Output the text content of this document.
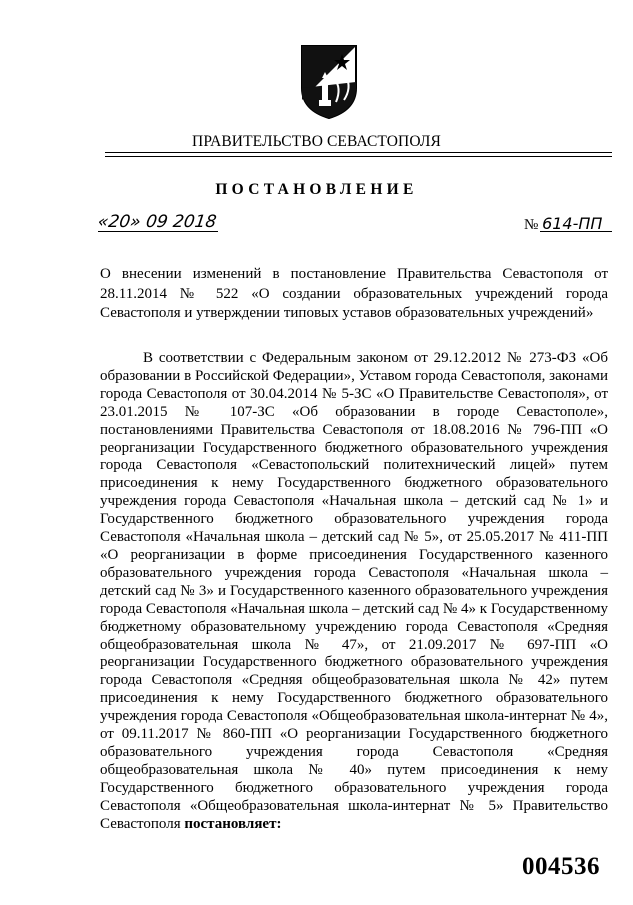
ПРАВИТЕЛЬСТВО СЕВАСТОПОЛЯ
ПОСТАНОВЛЕНИЕ
«20» 09 2018	№ 614-ПП
О внесении изменений в постановление Правительства Севастополя от 28.11.2014 № 522 «О создании образовательных учреждений города Севастополя и утверждении типовых уставов образовательных учреждений»
В соответствии с Федеральным законом от 29.12.2012 № 273-ФЗ «Об образовании в Российской Федерации», Уставом города Севастополя, законами города Севастополя от 30.04.2014 № 5-ЗС «О Правительстве Севастополя», от 23.01.2015 № 107-ЗС «Об образовании в городе Севастополе», постановлениями Правительства Севастополя от 18.08.2016 № 796-ПП «О реорганизации Государственного бюджетного образовательного учреждения города Севастополя «Севастопольский политехнический лицей» путем присоединения к нему Государственного бюджетного образовательного учреждения города Севастополя «Начальная школа – детский сад № 1» и Государственного бюджетного образовательного учреждения города Севастополя «Начальная школа – детский сад № 5», от 25.05.2017 № 411-ПП «О реорганизации в форме присоединения Государственного казенного образовательного учреждения города Севастополя «Начальная школа – детский сад № 3» и Государственного казенного образовательного учреждения города Севастополя «Начальная школа – детский сад № 4» к Государственному бюджетному образовательному учреждению города Севастополя «Средняя общеобразовательная школа № 47», от 21.09.2017 № 697-ПП «О реорганизации Государственного бюджетного образовательного учреждения города Севастополя «Средняя общеобразовательная школа № 42» путем присоединения к нему Государственного бюджетного образовательного учреждения города Севастополя «Общеобразовательная школа-интернат № 4», от 09.11.2017 № 860-ПП «О реорганизации Государственного бюджетного образовательного учреждения города Севастополя «Средняя общеобразовательная школа № 40» путем присоединения к нему Государственного бюджетного образовательного учреждения города Севастополя «Общеобразовательная школа-интернат № 5» Правительство Севастополя постановляет:
004536
